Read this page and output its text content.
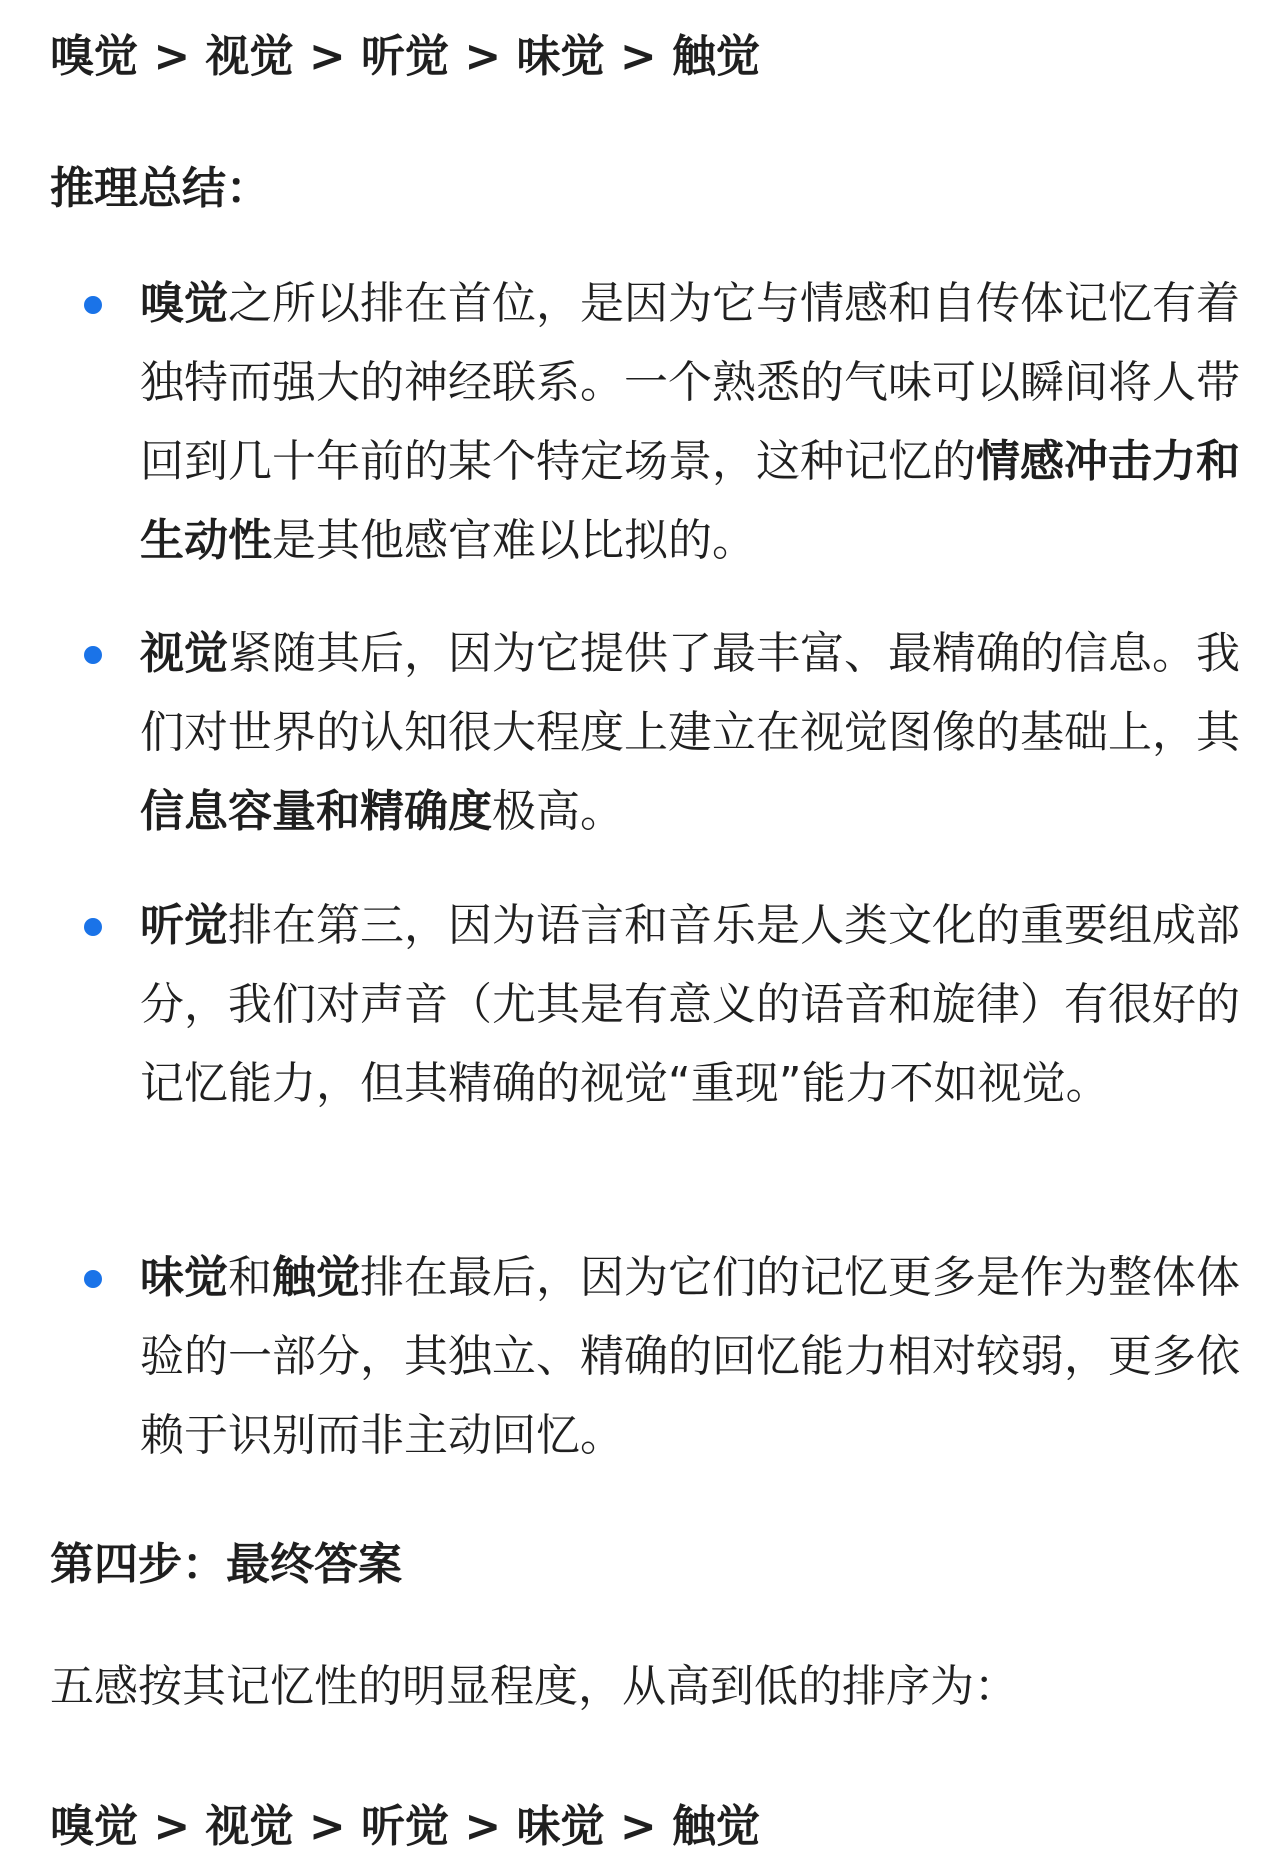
嗅觉 > 视觉 > 听觉 > 味觉 > 触觉
推理总结：
嗅觉之所以排在首位，是因为它与情感和自传体记忆有着独特而强大的神经联系。一个熟悉的气味可以瞬间将人带回到几十年前的某个特定场景，这种记忆的情感冲击力和生动性是其他感官难以比拟的。
视觉紧随其后，因为它提供了最丰富、最精确的信息。我们对世界的认知很大程度上建立在视觉图像的基础上，其信息容量和精确度极高。
听觉排在第三，因为语言和音乐是人类文化的重要组成部分，我们对声音（尤其是有意义的语音和旋律）有很好的记忆能力，但其精确的视觉“重现”能力不如视觉。
味觉和触觉排在最后，因为它们的记忆更多是作为整体体验的一部分，其独立、精确的回忆能力相对较弱，更多依赖于识别而非主动回忆。
第四步：最终答案
五感按其记忆性的明显程度，从高到低的排序为：
嗅觉 > 视觉 > 听觉 > 味觉 > 触觉
